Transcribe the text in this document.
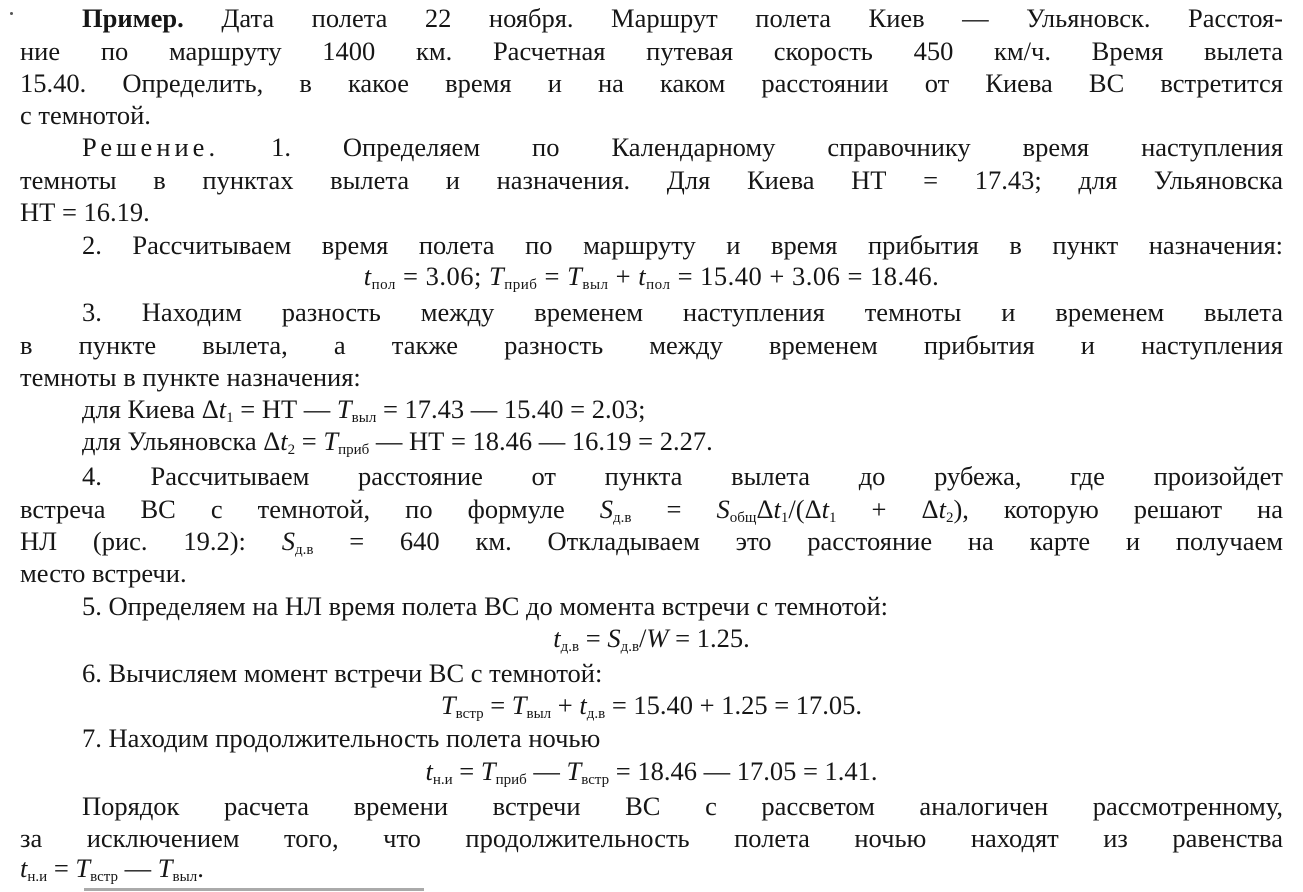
Пример. Дата полета 22 ноября. Маршрут полета Киев — Ульяновск. Расстоя-
ние по маршруту 1400 км. Расчетная путевая скорость 450 км/ч. Время вылета
15.40. Определить, в какое время и на каком расстоянии от Киева ВС встретится
с темнотой.
Решение. 1. Определяем по Календарному справочнику время наступления
темноты в пунктах вылета и назначения. Для Киева НТ = 17.43; для Ульяновска
НТ = 16.19.
2. Рассчитываем время полета по маршруту и время прибытия в пункт назначения:
$t_{пол} = 3.06$; $T_{приб} = T_{выл} + t_{пол} = 15.40 + 3.06 = 18.46$.
3. Находим разность между временем наступления темноты и временем вылета
в пункте вылета, а также разность между временем прибытия и наступления
темноты в пункте назначения:
для Киева $\Delta t_1$ = НТ — $T_{выл} = 17.43$ — 15.40 = 2.03;
для Ульяновска $\Delta t_2 = T_{приб}$ — НТ = 18.46 — 16.19 = 2.27.
4. Рассчитываем расстояние от пункта вылета до рубежа, где произойдет
встреча ВС с темнотой, по формуле $S_{д.в} = S_{общ}\Delta t_1/(\Delta t_1 + \Delta t_2)$, которую решают на
НЛ (рис. 19.2): $S_{д.в} = 640$ км. Откладываем это расстояние на карте и получаем
место встречи.
5. Определяем на НЛ время полета ВС до момента встречи с темнотой:
$t_{д.в} = S_{д.в}/W = 1.25$.
6. Вычисляем момент встречи ВС с темнотой:
$T_{встр} = T_{выл} + t_{д.в} = 15.40 + 1.25 = 17.05$.
7. Находим продолжительность полета ночью
$t_{н.и} = T_{приб}$ — $T_{встр} = 18.46$ — 17.05 = 1.41.
Порядок расчета времени встречи ВС с рассветом аналогичен рассмотренному,
за исключением того, что продолжительность полета ночью находят из равенства
$t_{н.и} = T_{встр}$ — $T_{выл}$.
